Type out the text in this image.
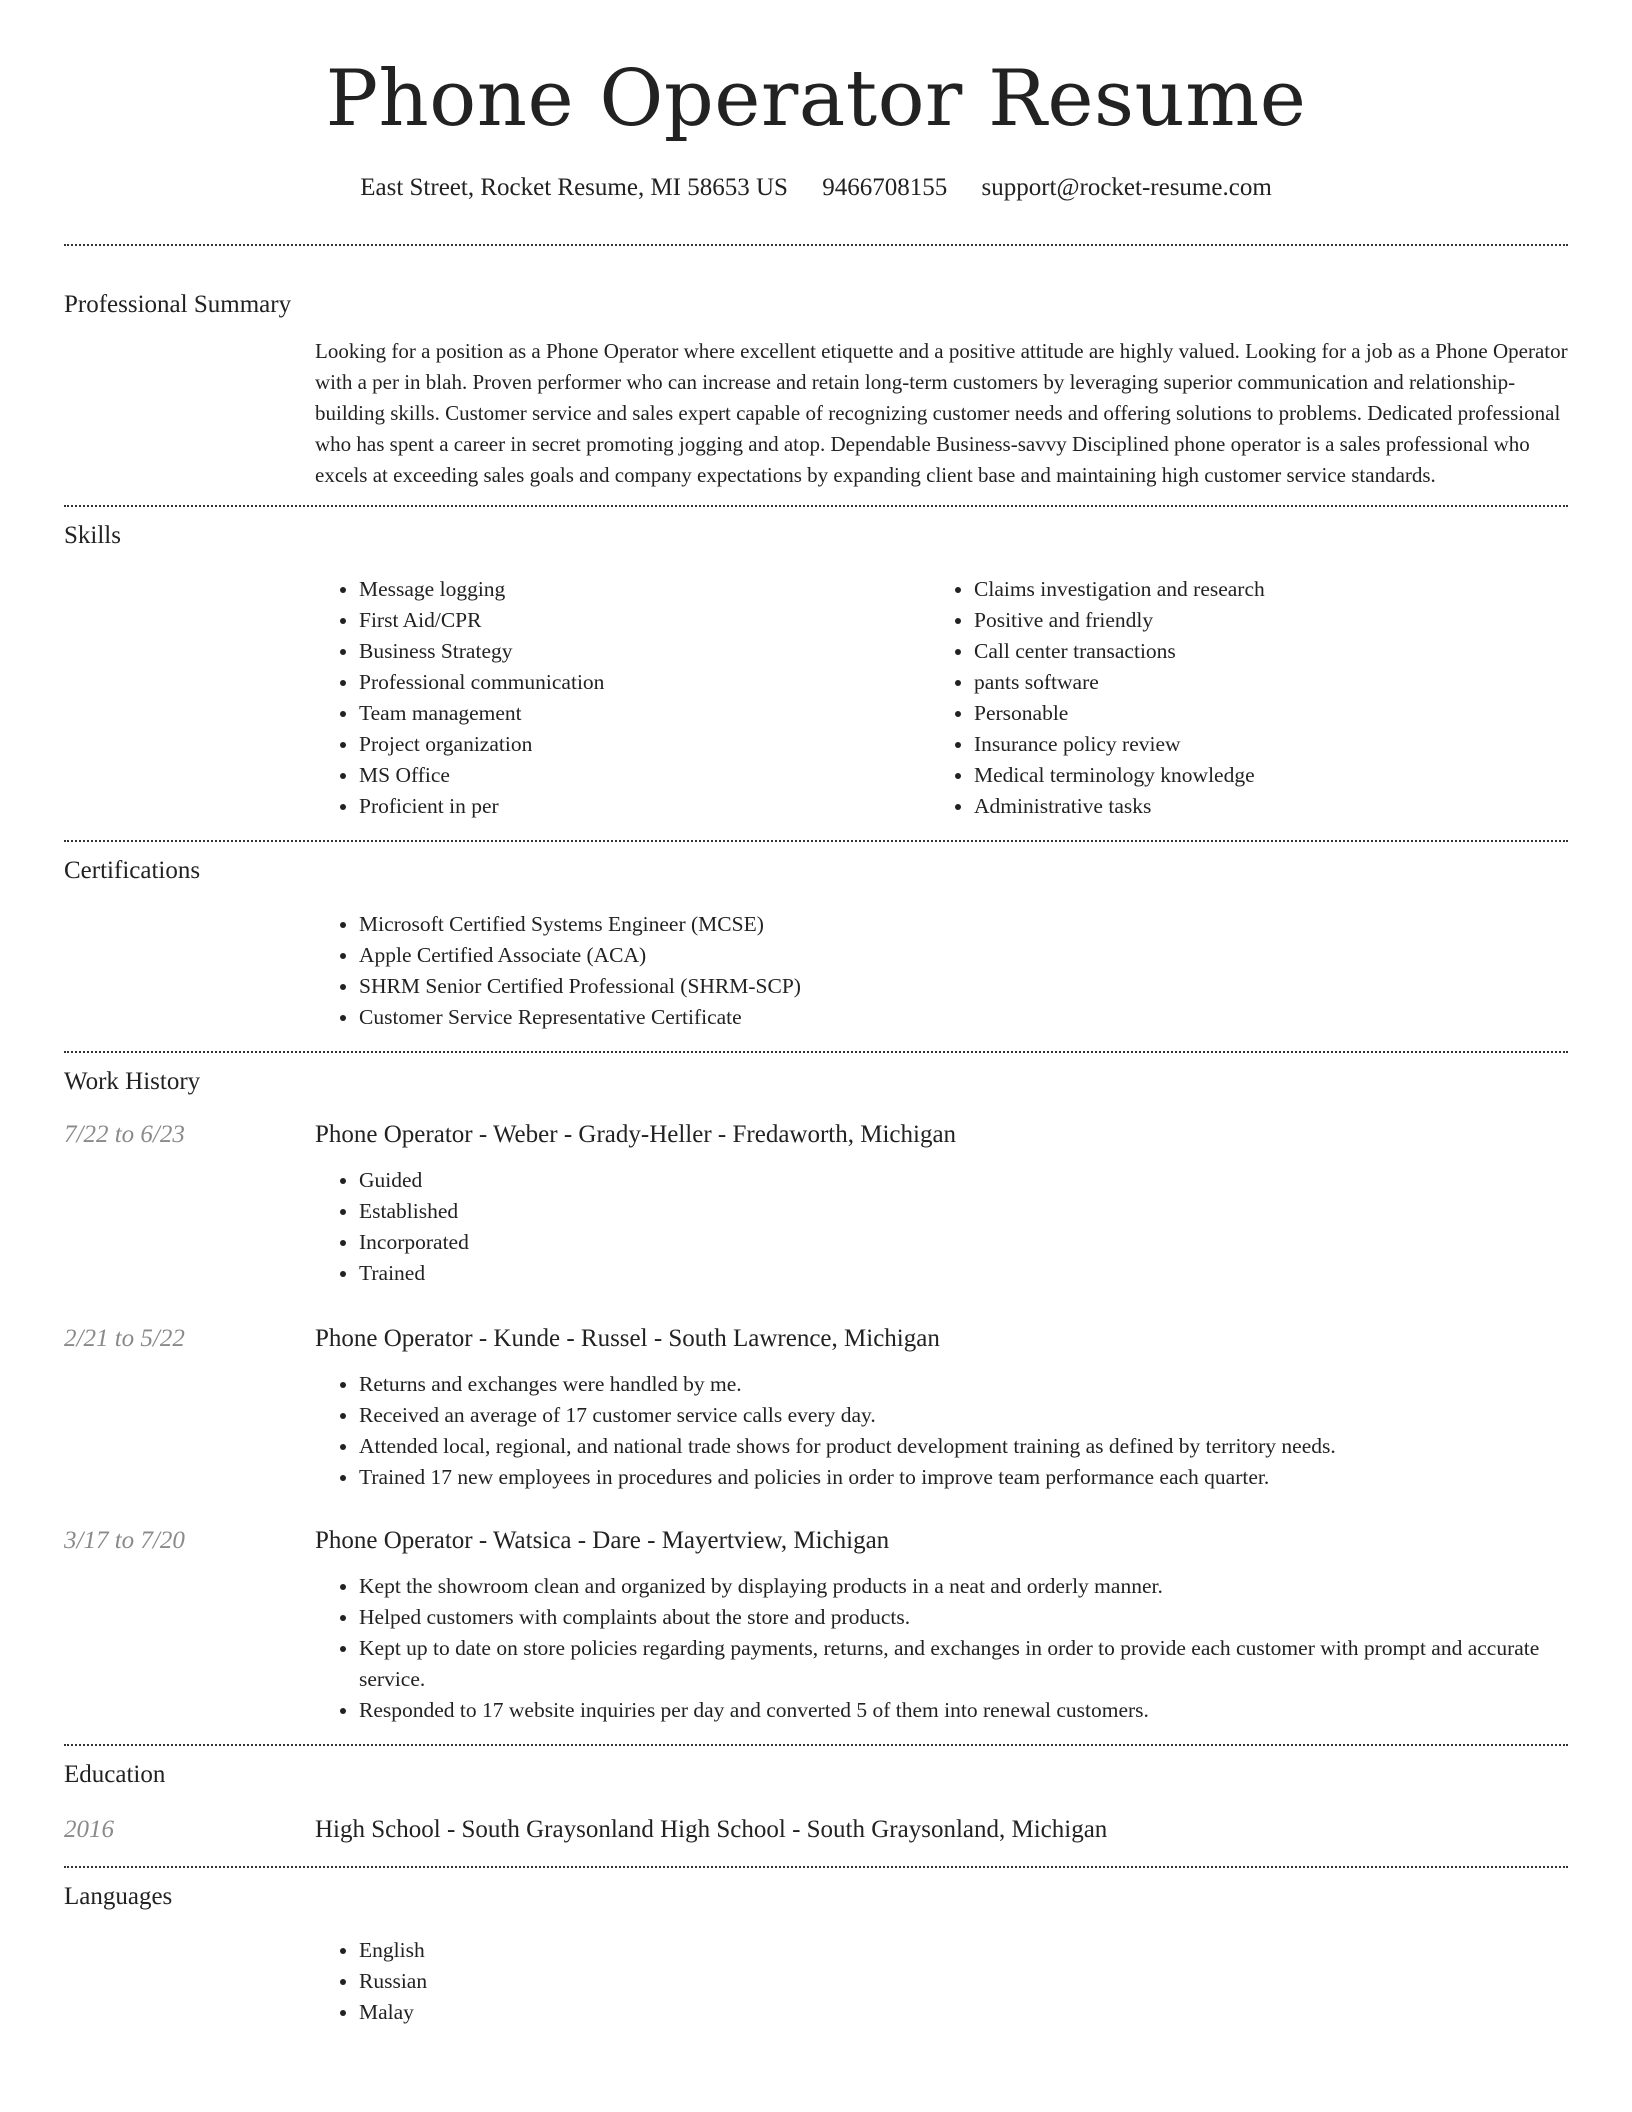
Phone Operator Resume
East Street, Rocket Resume, MI 58653 US 9466708155 support@rocket-resume.com
Professional Summary
Looking for a position as a Phone Operator where excellent etiquette and a positive attitude are highly valued. Looking for a job as a Phone Operator with a per in blah. Proven performer who can increase and retain long-term customers by leveraging superior communication and relationship-building skills. Customer service and sales expert capable of recognizing customer needs and offering solutions to problems. Dedicated professional who has spent a career in secret promoting jogging and atop. Dependable Business-savvy Disciplined phone operator is a sales professional who excels at exceeding sales goals and company expectations by expanding client base and maintaining high customer service standards.
Skills
• Message logging
• First Aid/CPR
• Business Strategy
• Professional communication
• Team management
• Project organization
• MS Office
• Proficient in per
• Claims investigation and research
• Positive and friendly
• Call center transactions
• pants software
• Personable
• Insurance policy review
• Medical terminology knowledge
• Administrative tasks
Certifications
• Microsoft Certified Systems Engineer (MCSE)
• Apple Certified Associate (ACA)
• SHRM Senior Certified Professional (SHRM-SCP)
• Customer Service Representative Certificate
Work History
7/22 to 6/23	Phone Operator - Weber - Grady-Heller - Fredaworth, Michigan
• Guided
• Established
• Incorporated
• Trained
2/21 to 5/22	Phone Operator - Kunde - Russel - South Lawrence, Michigan
• Returns and exchanges were handled by me.
• Received an average of 17 customer service calls every day.
• Attended local, regional, and national trade shows for product development training as defined by territory needs.
• Trained 17 new employees in procedures and policies in order to improve team performance each quarter.
3/17 to 7/20	Phone Operator - Watsica - Dare - Mayertview, Michigan
• Kept the showroom clean and organized by displaying products in a neat and orderly manner.
• Helped customers with complaints about the store and products.
• Kept up to date on store policies regarding payments, returns, and exchanges in order to provide each customer with prompt and accurate service.
• Responded to 17 website inquiries per day and converted 5 of them into renewal customers.
Education
2016	High School - South Graysonland High School - South Graysonland, Michigan
Languages
• English
• Russian
• Malay
